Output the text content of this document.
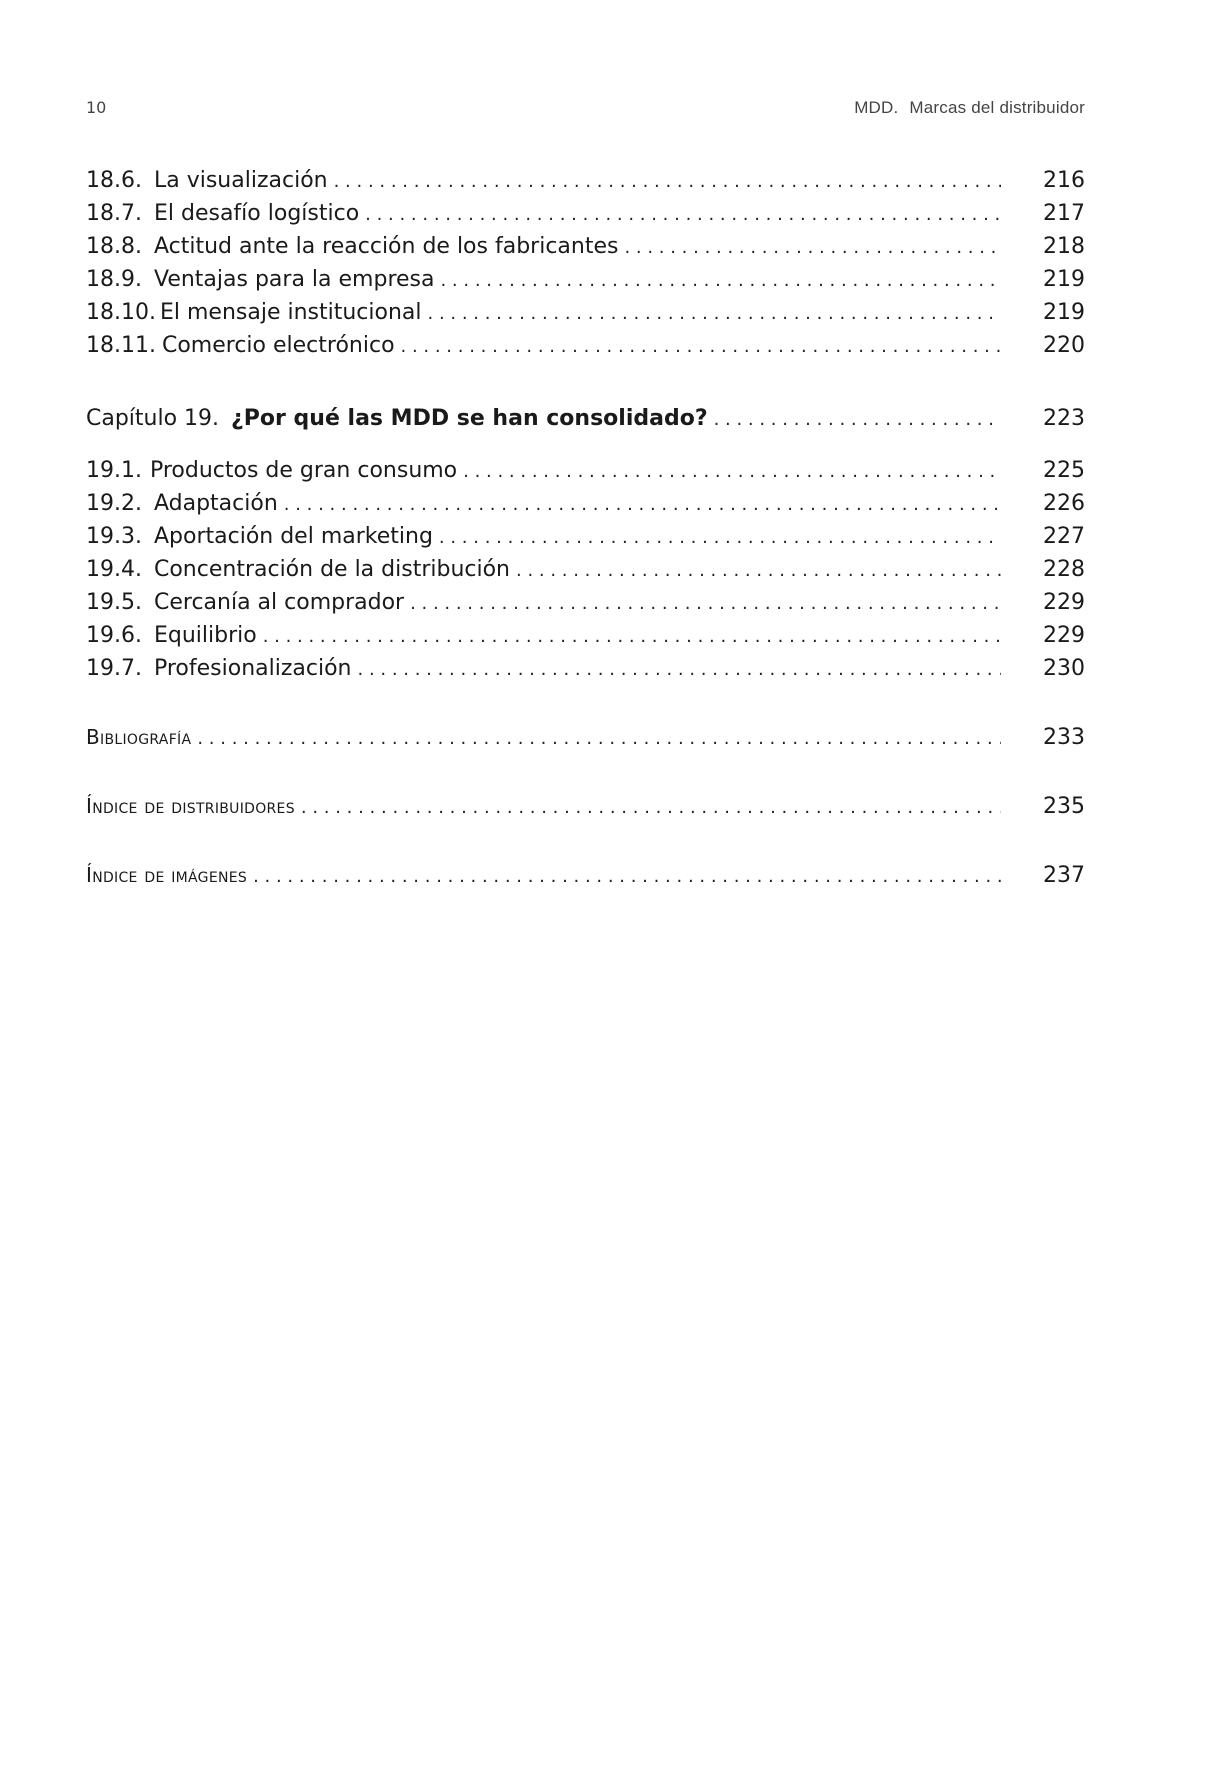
10	MDD. Marcas del distribuidor
18.6. La visualización . . .	216
18.7. El desafío logístico . . .	217
18.8. Actitud ante la reacción de los fabricantes . . .	218
18.9. Ventajas para la empresa . . .	219
18.10. El mensaje institucional . . .	219
18.11. Comercio electrónico . . .	220
Capítulo 19. ¿Por qué las MDD se han consolidado? . . .	223
19.1. Productos de gran consumo . . .	225
19.2. Adaptación . . .	226
19.3. Aportación del marketing . . .	227
19.4. Concentración de la distribución . . .	228
19.5. Cercanía al comprador . . .	229
19.6. Equilibrio . . .	229
19.7. Profesionalización . . .	230
Bibliografía . . .	233
Índice de distribuidores . . .	235
Índice de imágenes . . .	237
